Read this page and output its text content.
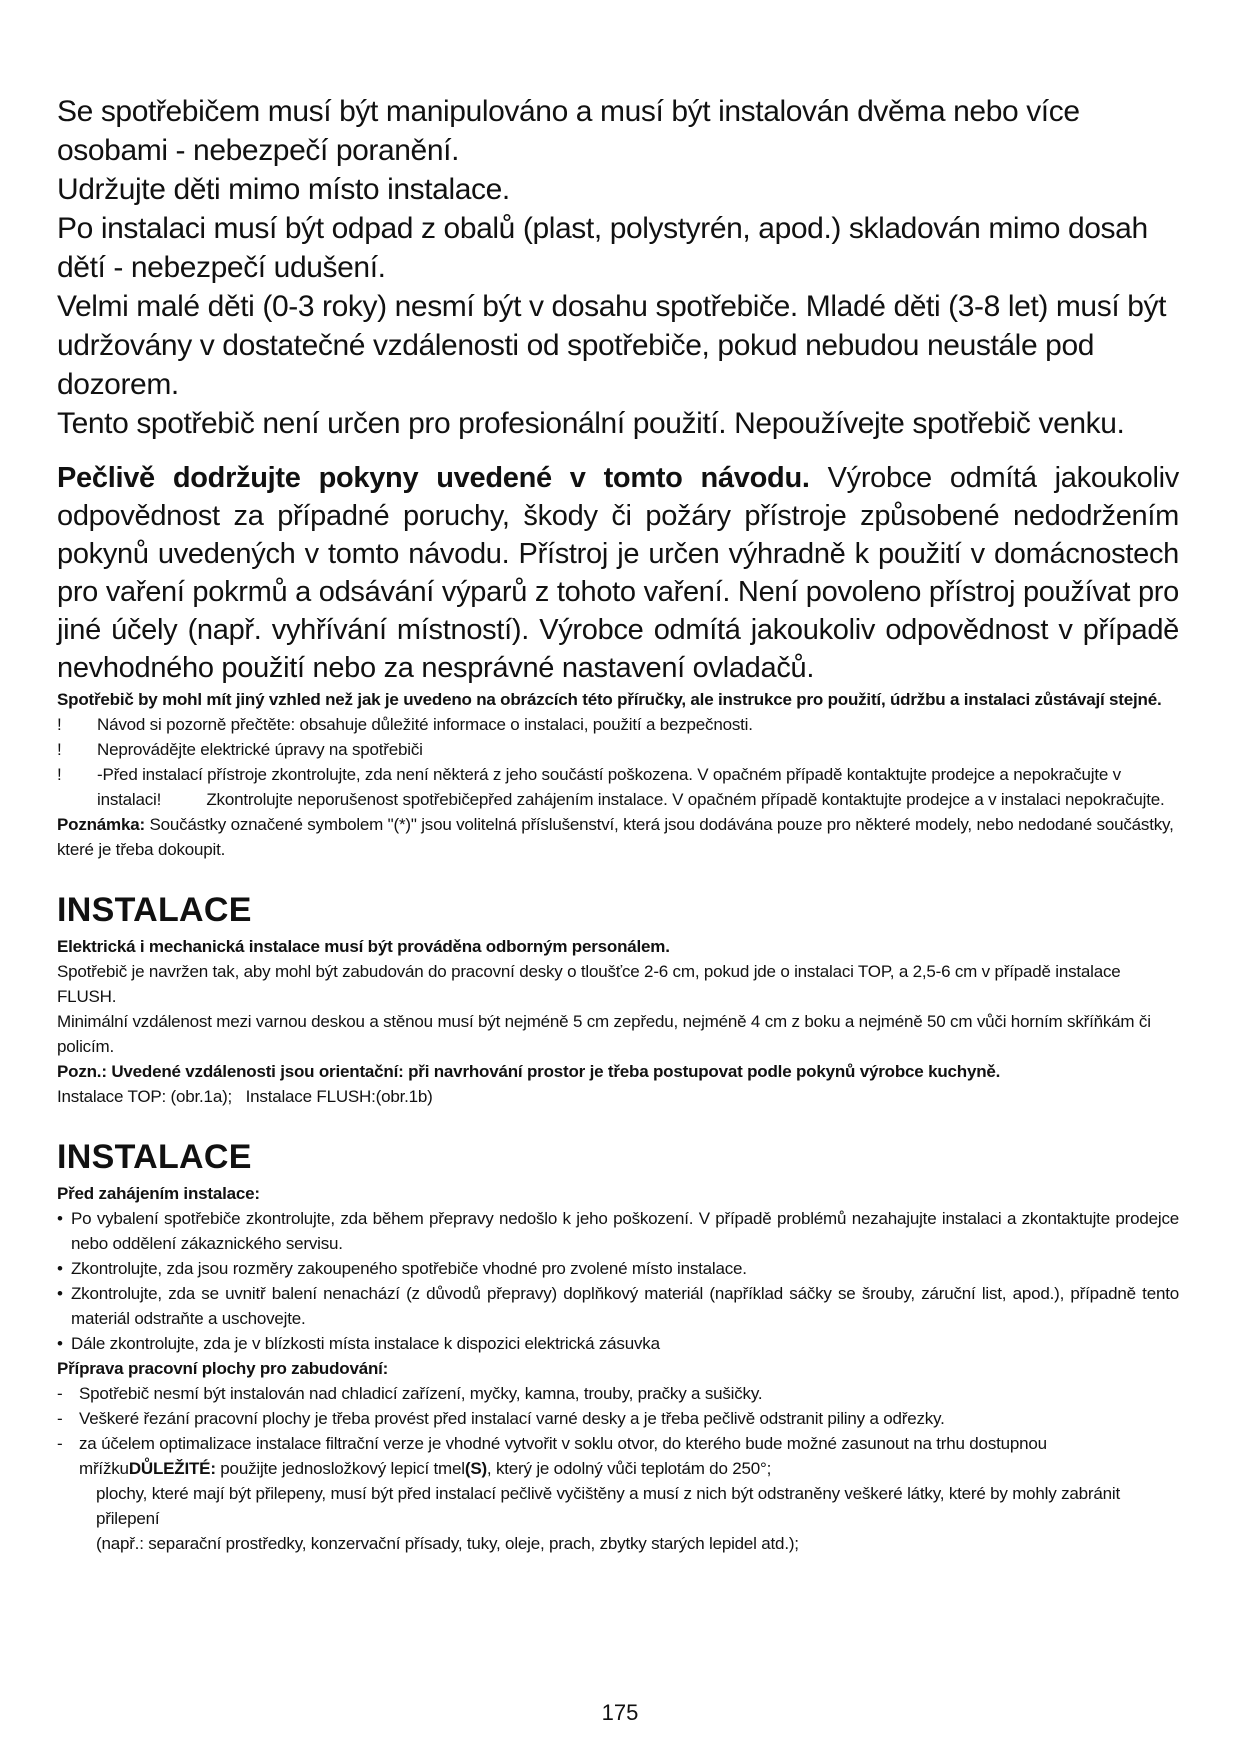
Se spotřebičem musí být manipulováno a musí být instalován dvěma nebo více osobami - nebezpečí poranění.

Udržujte děti mimo místo instalace.

Po instalaci musí být odpad z obalů (plast, polystyrén, apod.) skladován mimo dosah dětí - nebezpečí udušení.

Velmi malé děti (0-3 roky) nesmí být v dosahu spotřebiče. Mladé děti (3-8 let) musí být udržovány v dostatečné vzdálenosti od spotřebiče, pokud nebudou neustále pod dozorem.

Tento spotřebič není určen pro profesionální použití. Nepoužívejte spotřebič venku.

Pečlivě dodržujte pokyny uvedené v tomto návodu. Výrobce odmítá jakoukoliv odpovědnost za případné poruchy, škody či požáry přístroje způsobené nedodržením pokynů uvedených v tomto návodu. Přístroj je určen výhradně k použití v domácnostech pro vaření pokrmů a odsávání výparů z tohoto vaření. Není povoleno přístroj používat pro jiné účely (např. vyhřívání místností). Výrobce odmítá jakoukoliv odpovědnost v případě nevhodného použití nebo za nesprávné nastavení ovladačů.

Spotřebič by mohl mít jiný vzhled než jak je uvedeno na obrázcích této příručky, ale instrukce pro použití, údržbu a instalaci zůstávají stejné.

!	Návod si pozorně přečtěte: obsahuje důležité informace o instalaci, použití a bezpečnosti.
!	Neprovádějte elektrické úpravy na spotřebiči
!	-Před instalací přístroje zkontrolujte, zda není některá z jeho součástí poškozena. V opačném případě kontaktujte prodejce a nepokračujte v instalaci!          Zkontrolujte neporušenost spotřebičepřed zahájením instalace. V opačném případě kontaktujte prodejce a v instalaci nepokračujte.

Poznámka: Součástky označené symbolem "(*)" jsou volitelná příslušenství, která jsou dodávána pouze pro některé modely, nebo nedodané součástky, které je třeba dokoupit.

INSTALACE

Elektrická i mechanická instalace musí být prováděna odborným personálem.

Spotřebič je navržen tak, aby mohl být zabudován do pracovní desky o tloušťce 2-6 cm, pokud jde o instalaci TOP, a 2,5-6 cm v případě instalace FLUSH.

Minimální vzdálenost mezi varnou deskou a stěnou musí být nejméně 5 cm zepředu, nejméně 4 cm z boku a nejméně 50 cm vůči horním skříňkám či policím.

Pozn.: Uvedené vzdálenosti jsou orientační: při navrhování prostor je třeba postupovat podle pokynů výrobce kuchyně.

Instalace TOP: (obr.1a);   Instalace FLUSH:(obr.1b)

INSTALACE

Před zahájením instalace:

• Po vybalení spotřebiče zkontrolujte, zda během přepravy nedošlo k jeho poškození. V případě problémů nezahajujte instalaci a zkontaktujte prodejce nebo oddělení zákaznického servisu.
• Zkontrolujte, zda jsou rozměry zakoupeného spotřebiče vhodné pro zvolené místo instalace.
• Zkontrolujte, zda se uvnitř balení nenachází (z důvodů přepravy) doplňkový materiál (například sáčky se šrouby, záruční list, apod.), případně tento materiál odstraňte a uschovejte.
• Dále zkontrolujte, zda je v blízkosti místa instalace k dispozici elektrická zásuvka

Příprava pracovní plochy pro zabudování:

- Spotřebič nesmí být instalován nad chladicí zařízení, myčky, kamna, trouby, pračky a sušičky.
- Veškeré řezání pracovní plochy je třeba provést před instalací varné desky a je třeba pečlivě odstranit piliny a odřezky.
- za účelem optimalizace instalace filtrační verze je vhodné vytvořit v soklu otvor, do kterého bude možné zasunout na trhu dostupnou mřížkuDŮLEŽITÉ: použijte jednosložkový lepicí tmel(S), který je odolný vůči teplotám do 250°;

plochy, které mají být přilepeny, musí být před instalací pečlivě vyčištěny a musí z nich být odstraněny veškeré látky, které by mohly zabránit přilepení

(např.: separační prostředky, konzervační přísady, tuky, oleje, prach, zbytky starých lepidel atd.);

175
